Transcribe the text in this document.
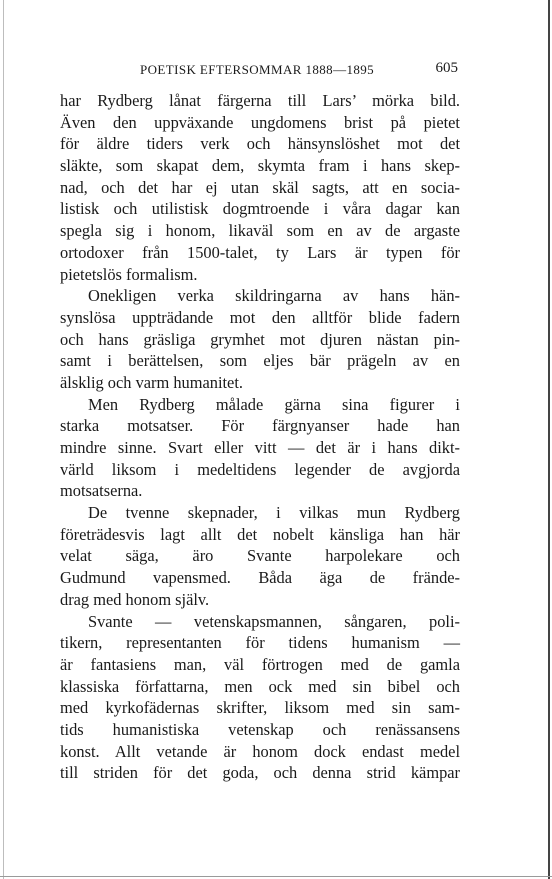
POETISK EFTERSOMMAR 1888—1895	605
har Rydberg lånat färgerna till Lars’ mörka bild.
Även den uppväxande ungdomens brist på pietet
för äldre tiders verk och hänsynslöshet mot det
släkte, som skapat dem, skymta fram i hans skep-
nad, och det har ej utan skäl sagts, att en socia-
listisk och utilistisk dogmtroende i våra dagar kan
spegla sig i honom, likaväl som en av de argaste
ortodoxer från 1500-talet, ty Lars är typen för
pietetslös formalism.
Onekligen verka skildringarna av hans hän-
synslösa uppträdande mot den alltför blide fadern
och hans gräsliga grymhet mot djuren nästan pin-
samt i berättelsen, som eljes bär prägeln av en
älsklig och varm humanitet.
Men Rydberg målade gärna sina figurer i
starka motsatser. För färgnyanser hade han
mindre sinne. Svart eller vitt — det är i hans dikt-
värld liksom i medeltidens legender de avgjorda
motsatserna.
De tvenne skepnader, i vilkas mun Rydberg
företrädesvis lagt allt det nobelt känsliga han här
velat säga, äro Svante harpolekare och
Gudmund vapensmed. Båda äga de frände-
drag med honom själv.
Svante — vetenskapsmannen, sångaren, poli-
tikern, representanten för tidens humanism —
är fantasiens man, väl förtrogen med de gamla
klassiska författarna, men ock med sin bibel och
med kyrkofädernas skrifter, liksom med sin sam-
tids humanistiska vetenskap och renässansens
konst. Allt vetande är honom dock endast medel
till striden för det goda, och denna strid kämpar
